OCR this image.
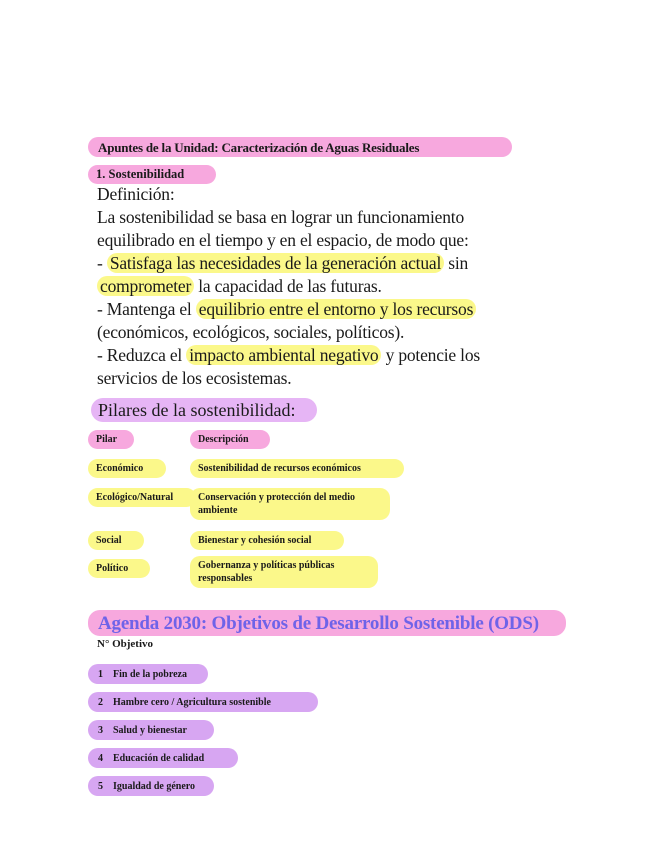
Apuntes de la Unidad: Caracterización de Aguas Residuales
1. Sostenibilidad
Definición:
La sostenibilidad se basa en lograr un funcionamiento
equilibrado en el tiempo y en el espacio, de modo que:
- Satisfaga las necesidades de la generación actual sin
comprometer la capacidad de las futuras.
- Mantenga el equilibrio entre el entorno y los recursos
(económicos, ecológicos, sociales, políticos).
- Reduzca el impacto ambiental negativo y potencie los
servicios de los ecosistemas.
Pilares de la sostenibilidad:
Pilar	Descripción
Económico	Sostenibilidad de recursos económicos
Ecológico/Natural	Conservación y protección del medio ambiente
Social	Bienestar y cohesión social
Político	Gobernanza y políticas públicas responsables
Agenda 2030: Objetivos de Desarrollo Sostenible (ODS)
N° Objetivo
1 Fin de la pobreza
2 Hambre cero / Agricultura sostenible
3 Salud y bienestar
4 Educación de calidad
5 Igualdad de género
